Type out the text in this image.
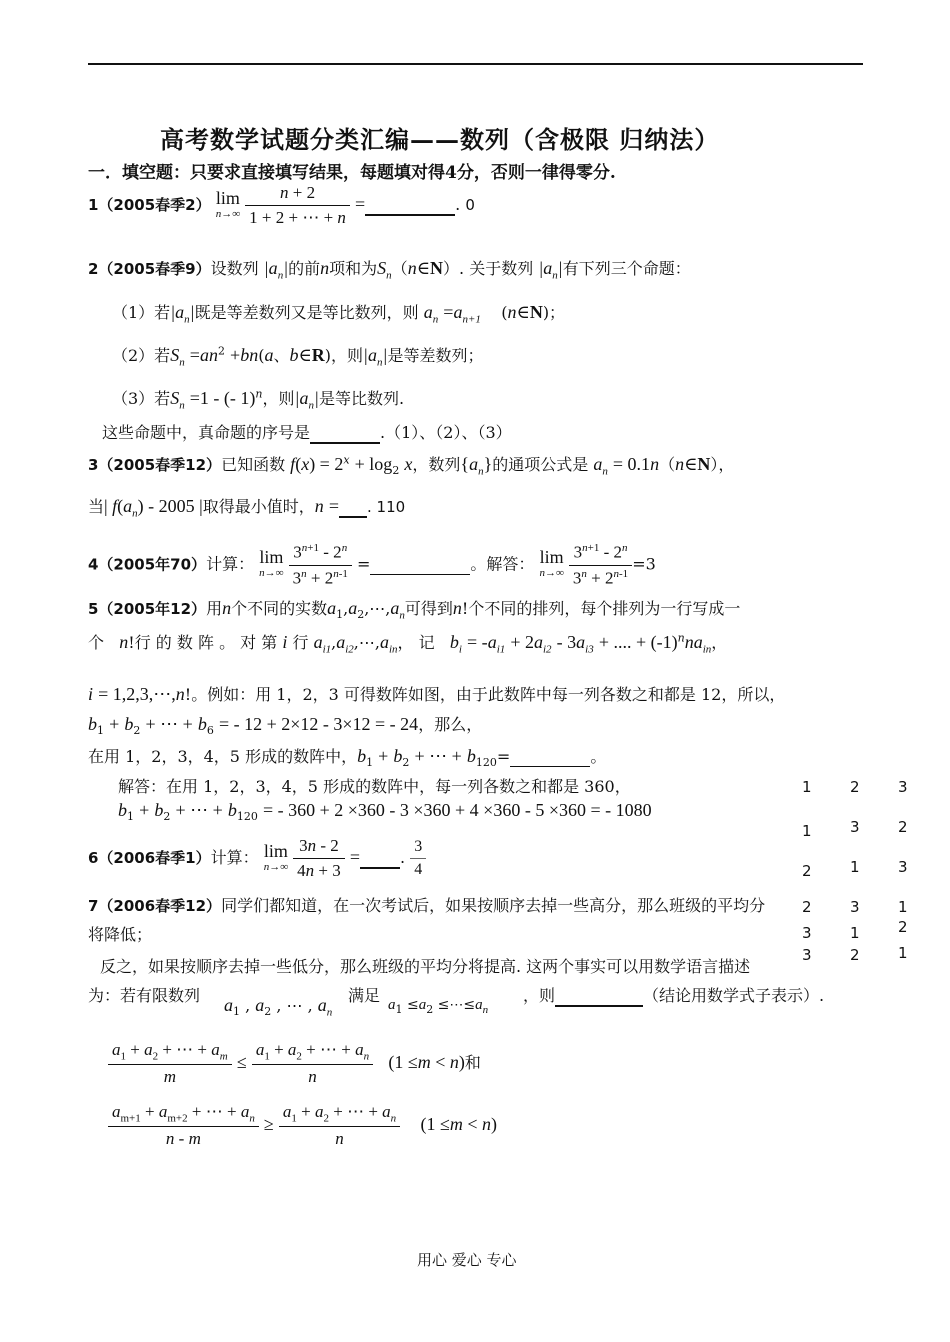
高考数学试题分类汇编——数列（含极限 归纳法）
一．填空题：只要求直接填写结果，每题填对得4分，否则一律得零分.
1（2005春季2） lim
n→∞
$\frac{n + 2}{1 + 2 + \cdots + n}$ =	. 0
2（2005春季9）设数列 $|a_n|$的前n项和为$S_n(n\in N)$. 关于数列 $|a_n|$有下列三个命题：
（1）若$|a_n|$既是等差数列又是等比数列，则 $a_n =a_{n+1}$    (n∈N)；
（2）若$S_n =an^2 +bn(a$、b∈R)，则$|a_n|$是等差数列；
（3）若$S_n =1$ - (- 1)$^n$，则$|a_n|$是等比数列.
这些命题中，真命题的序号是	.（1）、（2）、（3）
3（2005春季12）已知函数 $f(x) = 2^x + \log_2 x$，数列$\{a_n\}$的通项公式是 $a_n$ = 0.1n（n∈N），
当| $f(a_n) - 2005$ |取得最小值时，n = . 110
4（2005年70）计算： lim
n→∞
$\frac{3^{n+1} - 2^n}{3^n + 2^{n-1}}$ =	。解答： lim
n→∞
$\frac{3^{n+1} - 2^n}{3^n + 2^{n-1}} =3$
5（2005年12）用n个不同的实数$a_1,a_2,\cdots,a_n$可得到n!个不同的排列，每个排列为一行写成一
个 n!行 的 数 阵 。 对 第 i 行 $a_{i1},a_{i2},\cdots,a_{in}$， 记 $b_i = -a_{i1} + 2a_{i2} - 3a_{i3}$ + .... + $(-1)^nna_{in}$，
i = 1,2,3,⋯,n!。例如：用 1，2，3 可得数阵如图，由于此数阵中每一列各数之和都是 12，所以，
$b_1 + b_2$ + ⋯ + $b_6$ = - 12 + 2×12 - 3×12 = - 24，那么，
在用 1，2，3，4，5 形成的数阵中，$b_1 + b_2$ + ⋯ + $b_{120}=$	。
解答：在用 1，2，3，4，5 形成的数阵中，每一列各数之和都是 360，
$b_1 + b_2$ + ⋯ + $b_{120}$ = - 360 + 2 ×360 - 3 ×360 + 4 ×360 - 5 ×360 = - 1080
1	2	3
1	3	2
2	1	3
2	3	1
3	1	2
3	2	1
6（2006春季1）计算： lim
n→∞
$\frac{3n - 2}{4n + 3}$ =	. $\frac{3}{4}$
7（2006春季12）同学们都知道，在一次考试后，如果按顺序去掉一些高分，那么班级的平均分
将降低；
反之，如果按顺序去掉一些低分，那么班级的平均分将提高. 这两个事实可以用数学语言描述
为：若有限数列 $a_1$ , $a_2$ , ⋯ , $a_n$
满足 $a_1 \le a_2$ $\le\cdots\le a_n$
，则	（结论用数学式子表示）.
$\frac{a_1 + a_2 + \cdots + a_m}{m} \le \frac{a_1 + a_2 + \cdots + a_n}{n} (1 \le m < n)$和
$\frac{a_{m+1} + a_{m+2} + \cdots + a_n}{n - m} \ge \frac{a_1 + a_2 + \cdots + a_n}{n} (1 \le m < n)$
用心 爱心 专心
